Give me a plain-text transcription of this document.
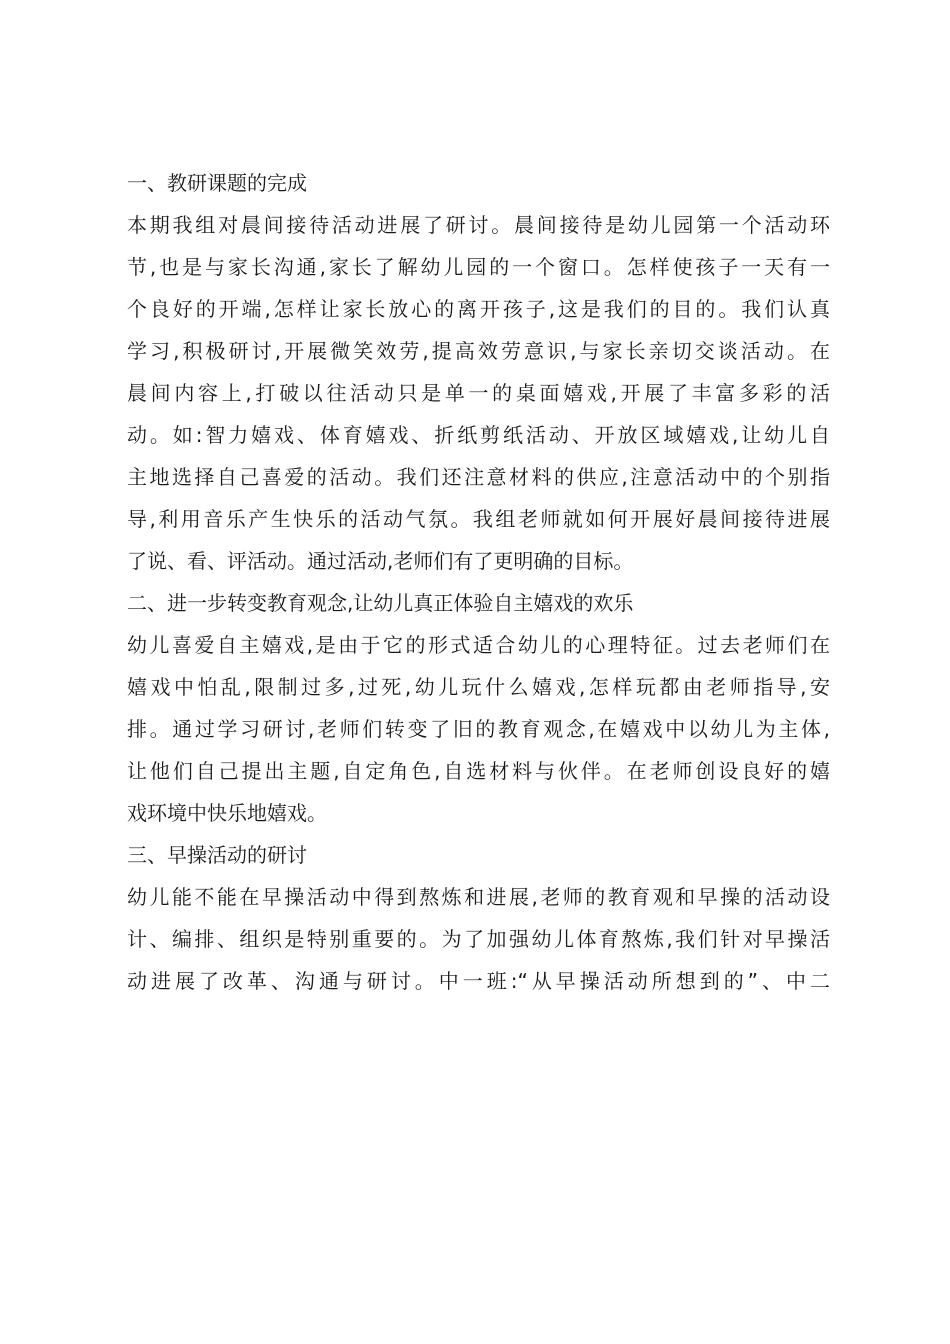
一、教研课题的完成
本期我组对晨间接待活动进展了研讨。晨间接待是幼儿园第一个活动环
节,也是与家长沟通,家长了解幼儿园的一个窗口。怎样使孩子一天有一
个良好的开端,怎样让家长放心的离开孩子,这是我们的目的。我们认真
学习,积极研讨,开展微笑效劳,提高效劳意识,与家长亲切交谈活动。在
晨间内容上,打破以往活动只是单一的桌面嬉戏,开展了丰富多彩的活
动。如:智力嬉戏、体育嬉戏、折纸剪纸活动、开放区域嬉戏,让幼儿自
主地选择自己喜爱的活动。我们还注意材料的供应,注意活动中的个别指
导,利用音乐产生快乐的活动气氛。我组老师就如何开展好晨间接待进展
了说、看、评活动。通过活动,老师们有了更明确的目标。
二、进一步转变教育观念,让幼儿真正体验自主嬉戏的欢乐
幼儿喜爱自主嬉戏,是由于它的形式适合幼儿的心理特征。过去老师们在
嬉戏中怕乱,限制过多,过死,幼儿玩什么嬉戏,怎样玩都由老师指导,安
排。通过学习研讨,老师们转变了旧的教育观念,在嬉戏中以幼儿为主体,
让他们自己提出主题,自定角色,自选材料与伙伴。在老师创设良好的嬉
戏环境中快乐地嬉戏。
三、早操活动的研讨
幼儿能不能在早操活动中得到熬炼和进展,老师的教育观和早操的活动设
计、编排、组织是特别重要的。为了加强幼儿体育熬炼,我们针对早操活
动进展了改革、沟通与研讨。中一班:“从早操活动所想到的”、中二
